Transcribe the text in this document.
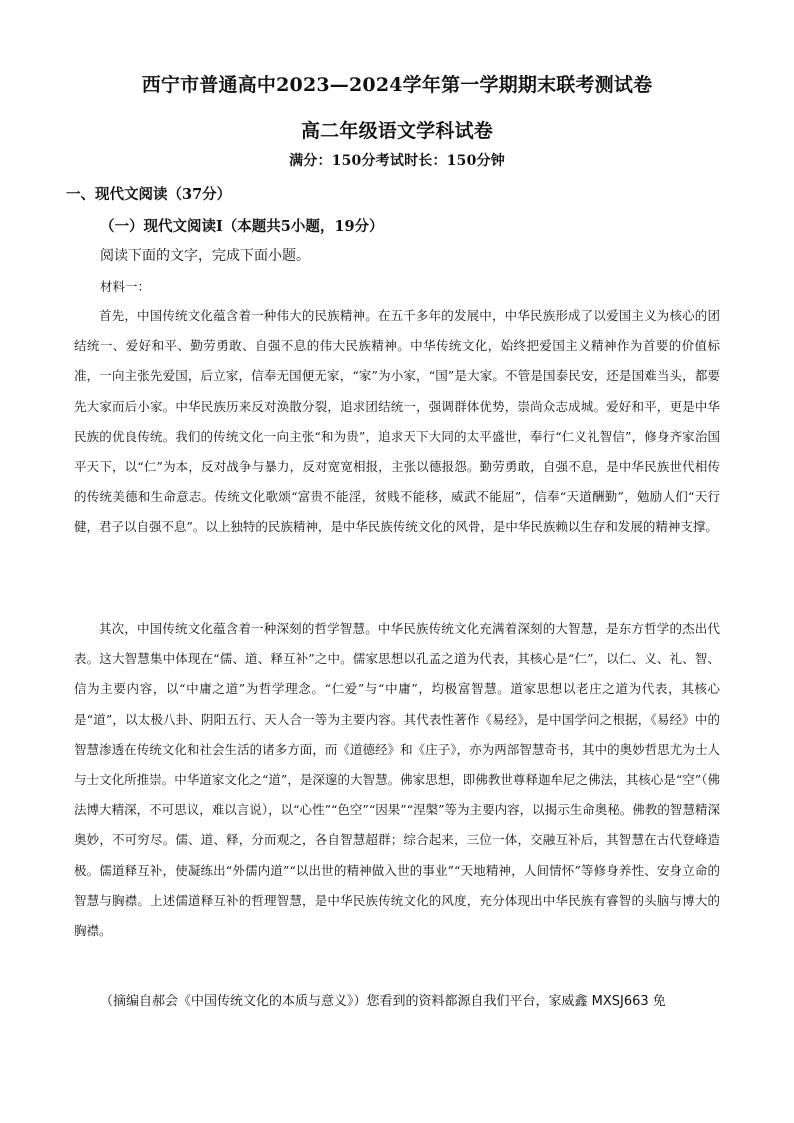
西宁市普通高中2023—2024学年第一学期期末联考测试卷
高二年级语文学科试卷
满分：150分考试时长：150分钟
一、现代文阅读（37分）
（一）现代文阅读Ⅰ（本题共5小题，19分）
阅读下面的文字，完成下面小题。
材料一：

首先，中国传统文化蕴含着一种伟大的民族精神。在五千多年的发展中，中华民族形成了以爱国主义为核心的团结统一、爱好和平、勤劳勇敢、自强不息的伟大民族精神。中华传统文化，始终把爱国主义精神作为首要的价值标准，一向主张先爱国，后立家，信奉无国便无家，“家”为小家，“国”是大家。不管是国泰民安，还是国难当头，都要先大家而后小家。中华民族历来反对涣散分裂，追求团结统一，强调群体优势，崇尚众志成城。爱好和平，更是中华民族的优良传统。我们的传统文化一向主张“和为贵”，追求天下大同的太平盛世，奉行“仁义礼智信”，修身齐家治国平天下，以“仁”为本，反对战争与暴力，反对宽宽相报，主张以德报怨。勤劳勇敢，自强不息，是中华民族世代相传的传统美德和生命意志。传统文化歌颂“富贵不能淫，贫贱不能移，威武不能屈”，信奉“天道酬勤”，勉励人们“天行健，君子以自强不息”。以上独特的民族精神，是中华民族传统文化的风骨，是中华民族赖以生存和发展的精神支撑。

其次，中国传统文化蕴含着一种深刻的哲学智慧。中华民族传统文化充满着深刻的大智慧，是东方哲学的杰出代表。这大智慧集中体现在“儒、道、释互补”之中。儒家思想以孔孟之道为代表，其核心是“仁”，以仁、义、礼、智、信为主要内容，以“中庸之道”为哲学理念。“仁爱”与“中庸”，均极富智慧。道家思想以老庄之道为代表，其核心是“道”，以太极八卦、阴阳五行、天人合一等为主要内容。其代表性著作《易经》，是中国学问之根据，《易经》中的智慧渗透在传统文化和社会生活的诸多方面，而《道德经》和《庄子》，亦为两部智慧奇书，其中的奥妙哲思尤为士人与士文化所推崇。中华道家文化之“道”，是深邃的大智慧。佛家思想，即佛教世尊释迦牟尼之佛法，其核心是“空”（佛法博大精深，不可思议，难以言说），以“心性”“色空”“因果”“涅槃”等为主要内容，以揭示生命奥秘。佛教的智慧精深奥妙，不可穷尽。儒、道、释，分而观之，各自智慧超群；综合起来，三位一体，交融互补后，其智慧在古代登峰造极。儒道释互补，使凝练出“外儒内道”“以出世的精神做入世的事业”“天地精神，人间情怀”等修身养性、安身立命的智慧与胸襟。上述儒道释互补的哲理智慧，是中华民族传统文化的风度，充分体现出中华民族有睿智的头脑与博大的胸襟。

（摘编自郝会《中国传统文化的本质与意义》）您看到的资料都源自我们平台，家威鑫 MXSJ663 免
